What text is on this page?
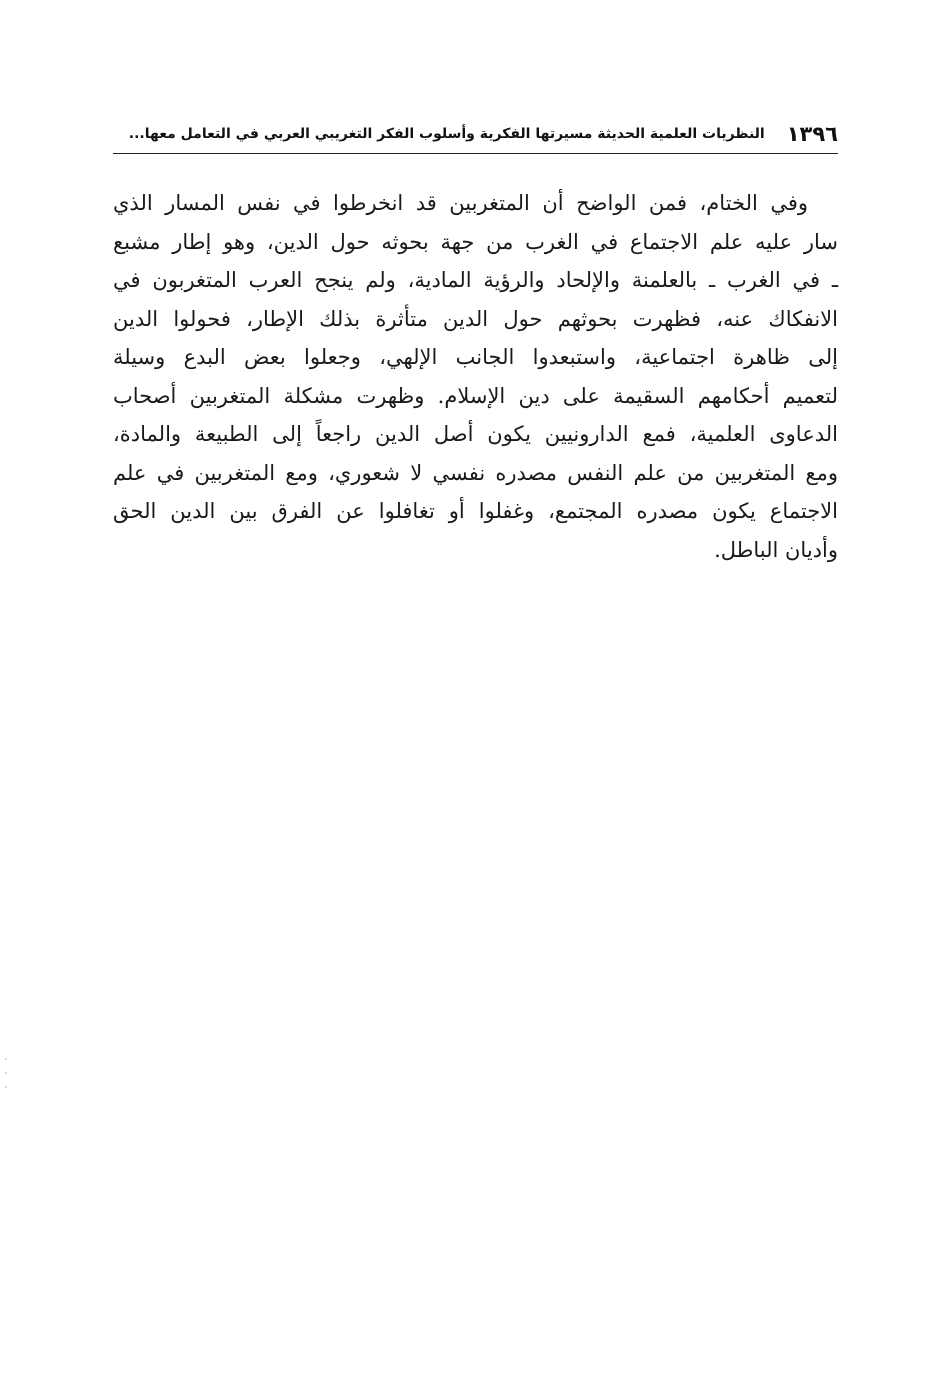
١٣٩٦
النظريات العلمية الحديثة مسيرتها الفكرية وأسلوب الفكر التغريبي العربي في التعامل معها...
وفي الختام، فمن الواضح أن المتغربين قد انخرطوا في نفس المسار الذي
سار عليه علم الاجتماع في الغرب من جهة بحوثه حول الدين، وهو إطار مشبع
ـ في الغرب ـ بالعلمنة والإلحاد والرؤية المادية، ولم ينجح العرب المتغربون في
الانفكاك عنه، فظهرت بحوثهم حول الدين متأثرة بذلك الإطار، فحولوا الدين
إلى ظاهرة اجتماعية، واستبعدوا الجانب الإلهي، وجعلوا بعض البدع وسيلة
لتعميم أحكامهم السقيمة على دين الإسلام. وظهرت مشكلة المتغربين أصحاب
الدعاوى العلمية، فمع الدارونيين يكون أصل الدين راجعاً إلى الطبيعة والمادة،
ومع المتغربين من علم النفس مصدره نفسي لا شعوري، ومع المتغربين في علم
الاجتماع يكون مصدره المجتمع، وغفلوا أو تغافلوا عن الفرق بين الدين الحق
وأديان الباطل.
